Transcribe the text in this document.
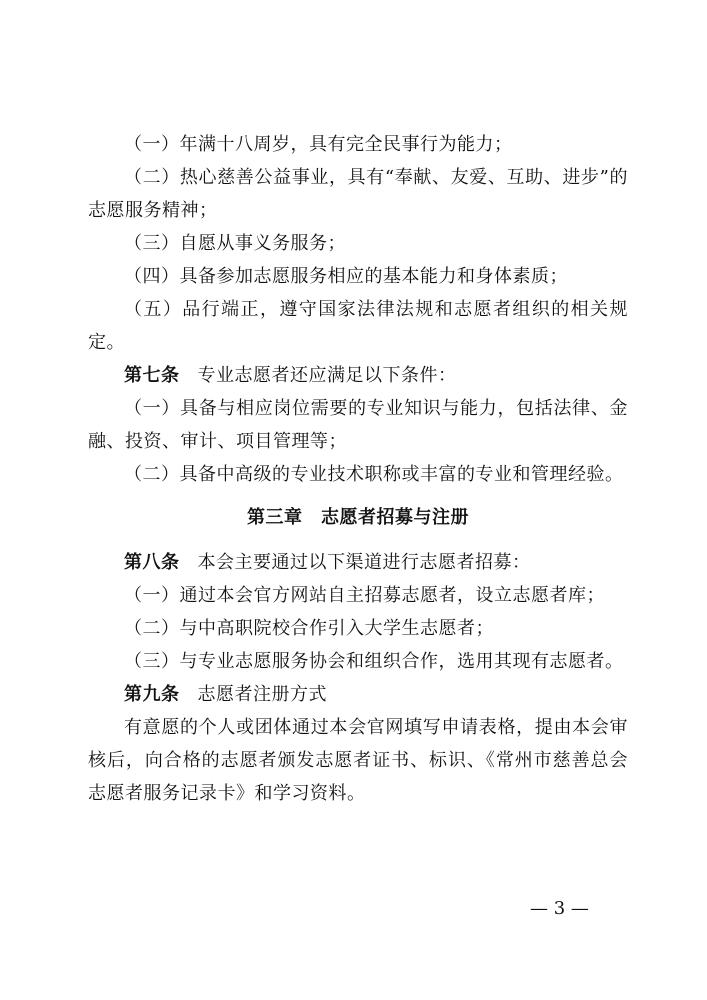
（一）年满十八周岁，具有完全民事行为能力；

（二）热心慈善公益事业，具有“奉献、友爱、互助、进步”的志愿服务精神；

（三）自愿从事义务服务；

（四）具备参加志愿服务相应的基本能力和身体素质；

（五）品行端正，遵守国家法律法规和志愿者组织的相关规定。

第七条 专业志愿者还应满足以下条件：

（一）具备与相应岗位需要的专业知识与能力，包括法律、金融、投资、审计、项目管理等；

（二）具备中高级的专业技术职称或丰富的专业和管理经验。

第三章　志愿者招募与注册

第八条 本会主要通过以下渠道进行志愿者招募：

（一）通过本会官方网站自主招募志愿者，设立志愿者库；

（二）与中高职院校合作引入大学生志愿者；

（三）与专业志愿服务协会和组织合作，选用其现有志愿者。

第九条 志愿者注册方式

有意愿的个人或团体通过本会官网填写申请表格，提由本会审核后，向合格的志愿者颁发志愿者证书、标识、《常州市慈善总会志愿者服务记录卡》和学习资料。

— 3 —
